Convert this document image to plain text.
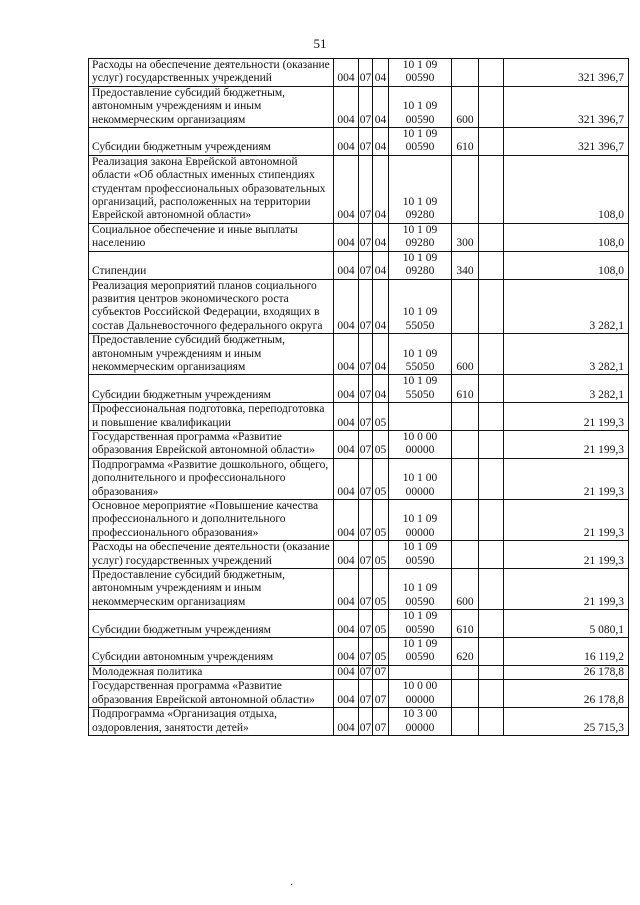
51
Расходы на обеспечение деятельности (оказание услуг) государственных учреждений	004	07	04	10 1 09 00590			321 396,7
Предоставление субсидий бюджетным, автономным учреждениям и иным некоммерческим организациям	004	07	04	10 1 09 00590	600		321 396,7
Субсидии бюджетным учреждениям	004	07	04	10 1 09 00590	610		321 396,7
Реализация закона Еврейской автономной области «Об областных именных стипендиях студентам профессиональных образовательных организаций, расположенных на территории Еврейской автономной области»	004	07	04	10 1 09 09280			108,0
Социальное обеспечение и иные выплаты населению	004	07	04	10 1 09 09280	300		108,0
Стипендии	004	07	04	10 1 09 09280	340		108,0
Реализация мероприятий планов социального развития центров экономического роста субъектов Российской Федерации, входящих в состав Дальневосточного федерального округа	004	07	04	10 1 09 55050			3 282,1
Предоставление субсидий бюджетным, автономным учреждениям и иным некоммерческим организациям	004	07	04	10 1 09 55050	600		3 282,1
Субсидии бюджетным учреждениям	004	07	04	10 1 09 55050	610		3 282,1
Профессиональная подготовка, переподготовка и повышение квалификации	004	07	05				21 199,3
Государственная программа «Развитие образования Еврейской автономной области»	004	07	05	10 0 00 00000			21 199,3
Подпрограмма «Развитие дошкольного, общего, дополнительного и профессионального образования»	004	07	05	10 1 00 00000			21 199,3
Основное мероприятие «Повышение качества профессионального и дополнительного профессионального образования»	004	07	05	10 1 09 00000			21 199,3
Расходы на обеспечение деятельности (оказание услуг) государственных учреждений	004	07	05	10 1 09 00590			21 199,3
Предоставление субсидий бюджетным, автономным учреждениям и иным некоммерческим организациям	004	07	05	10 1 09 00590	600		21 199,3
Субсидии бюджетным учреждениям	004	07	05	10 1 09 00590	610		5 080,1
Субсидии автономным учреждениям	004	07	05	10 1 09 00590	620		16 119,2
Молодежная политика	004	07	07				26 178,8
Государственная программа «Развитие образования Еврейской автономной области»	004	07	07	10 0 00 00000			26 178,8
Подпрограмма «Организация отдыха, оздоровления, занятости детей»	004	07	07	10 3 00 00000			25 715,3
·
